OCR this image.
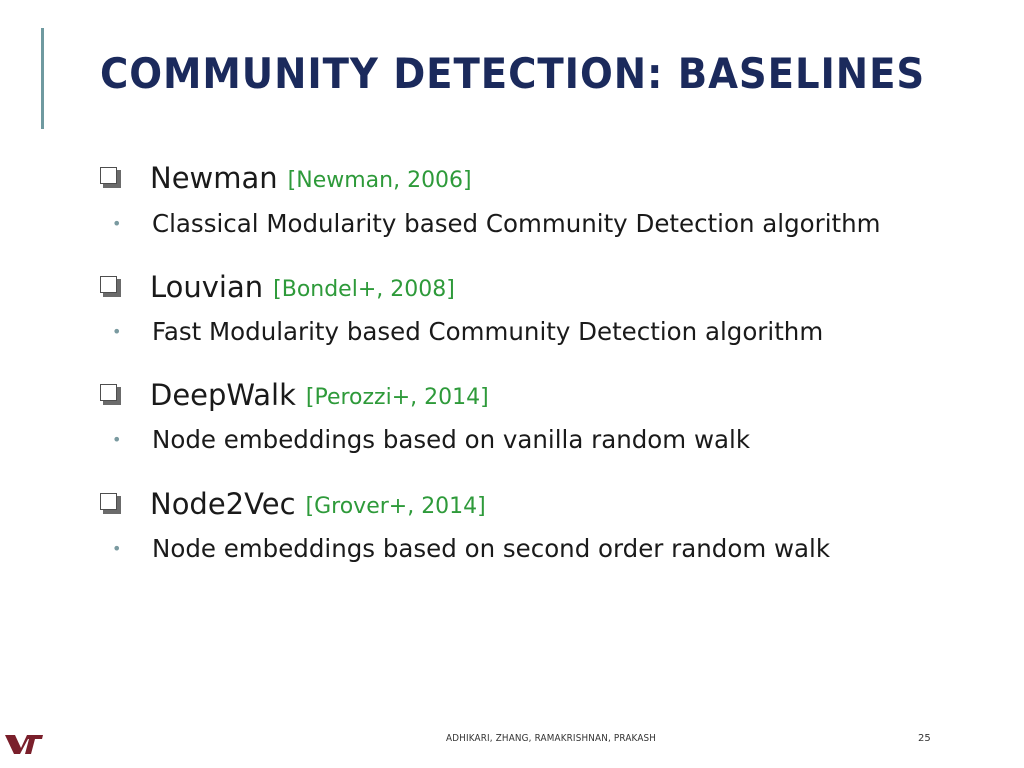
COMMUNITY DETECTION: BASELINES
Newman [Newman, 2006]
•	Classical Modularity based Community Detection algorithm
Louvian [Bondel+, 2008]
•	Fast Modularity based Community Detection algorithm
DeepWalk [Perozzi+, 2014]
•	Node embeddings based on vanilla random walk
Node2Vec [Grover+, 2014]
•	Node embeddings based on second order random walk
ADHIKARI, ZHANG, RAMAKRISHNAN, PRAKASH	25
